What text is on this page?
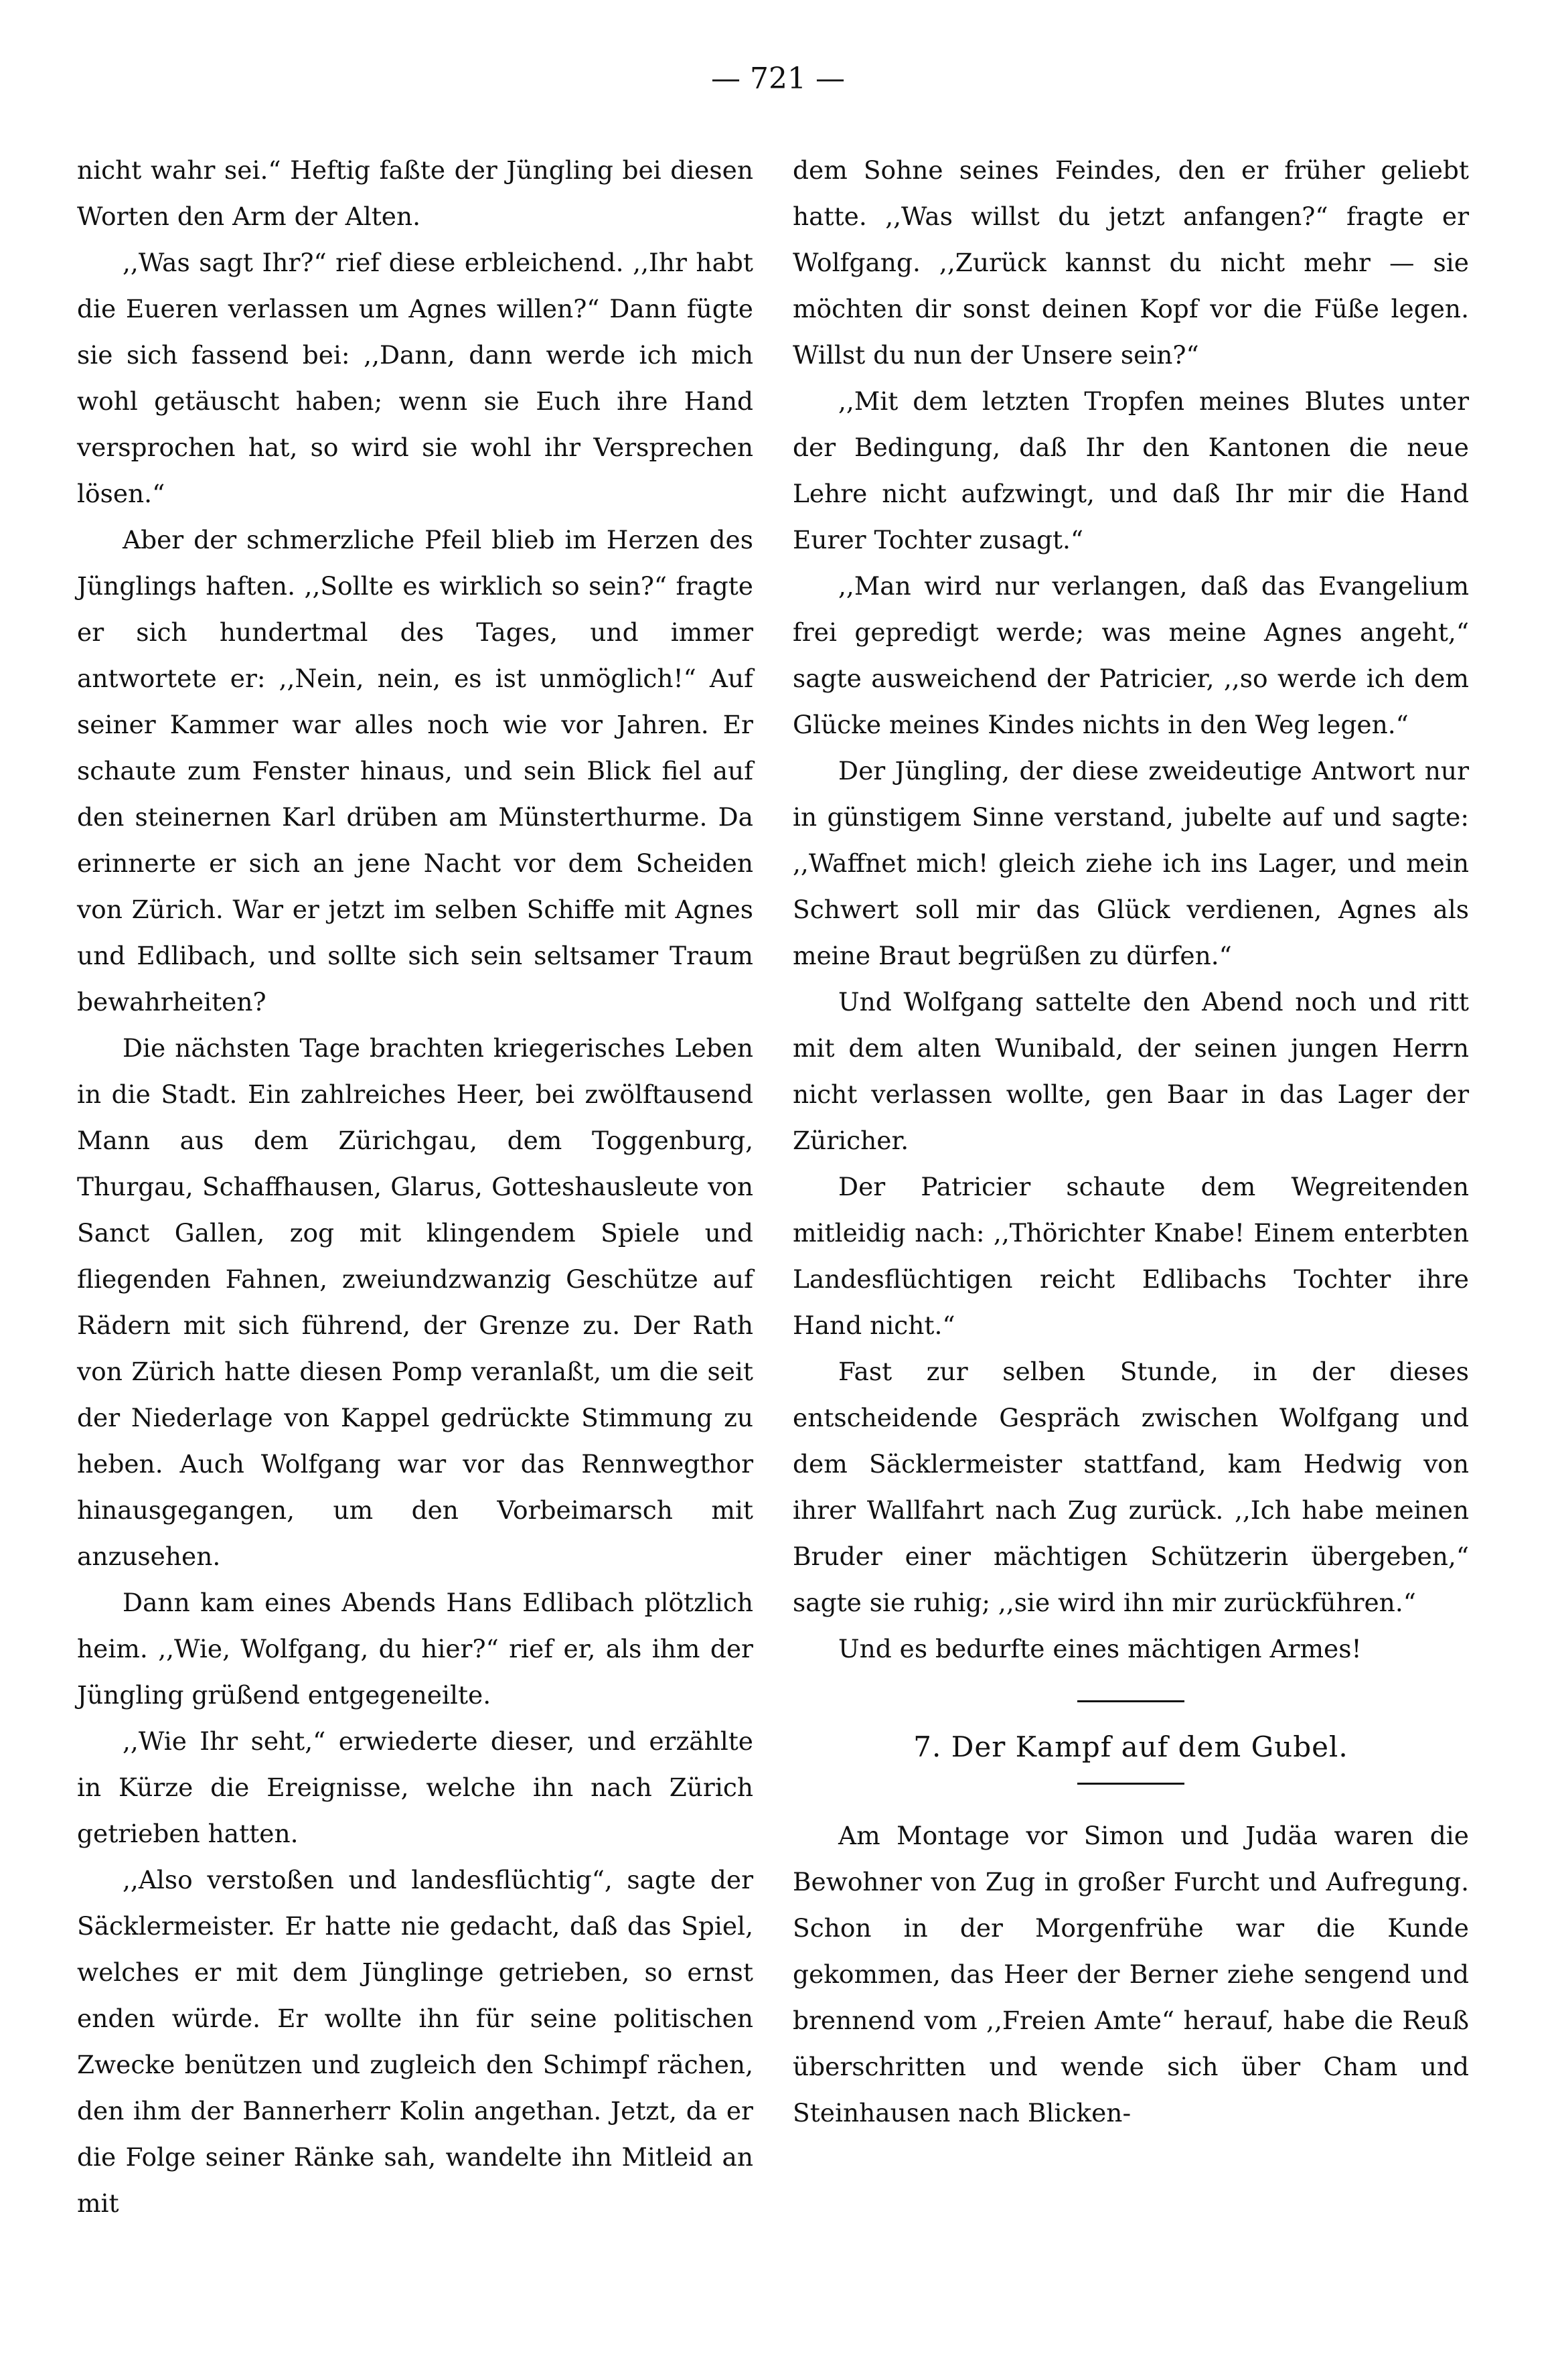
— 721 —

nicht wahr sei.“ Heftig faßte der Jüngling bei diesen Worten den Arm der Alten.

,,Was sagt Ihr?“ rief diese erbleichend. ,,Ihr habt die Eueren verlassen um Agnes willen?“ Dann fügte sie sich fassend bei: ,,Dann, dann werde ich mich wohl getäuscht haben; wenn sie Euch ihre Hand versprochen hat, so wird sie wohl ihr Versprechen lösen.“

Aber der schmerzliche Pfeil blieb im Herzen des Jünglings haften. ,,Sollte es wirklich so sein?“ fragte er sich hundertmal des Tages, und immer antwortete er: ,,Nein, nein, es ist unmöglich!“ Auf seiner Kammer war alles noch wie vor Jahren. Er schaute zum Fenster hinaus, und sein Blick fiel auf den steinernen Karl drüben am Münsterthurme. Da erinnerte er sich an jene Nacht vor dem Scheiden von Zürich. War er jetzt im selben Schiffe mit Agnes und Edlibach, und sollte sich sein seltsamer Traum bewahrheiten?

Die nächsten Tage brachten kriegerisches Leben in die Stadt. Ein zahlreiches Heer, bei zwölftausend Mann aus dem Zürichgau, dem Toggenburg, Thurgau, Schaffhausen, Glarus, Gotteshausleute von Sanct Gallen, zog mit klingendem Spiele und fliegenden Fahnen, zweiundzwanzig Geschütze auf Rädern mit sich führend, der Grenze zu. Der Rath von Zürich hatte diesen Pomp veranlaßt, um die seit der Niederlage von Kappel gedrückte Stimmung zu heben. Auch Wolfgang war vor das Rennwegthor hinausgegangen, um den Vorbeimarsch mit anzusehen.

Dann kam eines Abends Hans Edlibach plötzlich heim. ,,Wie, Wolfgang, du hier?“ rief er, als ihm der Jüngling grüßend entgegeneilte.

,,Wie Ihr seht,“ erwiederte dieser, und erzählte in Kürze die Ereignisse, welche ihn nach Zürich getrieben hatten.

,,Also verstoßen und landesflüchtig“, sagte der Säcklermeister. Er hatte nie gedacht, daß das Spiel, welches er mit dem Jünglinge getrieben, so ernst enden würde. Er wollte ihn für seine politischen Zwecke benützen und zugleich den Schimpf rächen, den ihm der Bannerherr Kolin angethan. Jetzt, da er die Folge seiner Ränke sah, wandelte ihn Mitleid an mit

dem Sohne seines Feindes, den er früher geliebt hatte. ,,Was willst du jetzt anfangen?“ fragte er Wolfgang. ,,Zurück kannst du nicht mehr — sie möchten dir sonst deinen Kopf vor die Füße legen. Willst du nun der Unsere sein?“

,,Mit dem letzten Tropfen meines Blutes unter der Bedingung, daß Ihr den Kantonen die neue Lehre nicht aufzwingt, und daß Ihr mir die Hand Eurer Tochter zusagt.“

,,Man wird nur verlangen, daß das Evangelium frei gepredigt werde; was meine Agnes angeht,“ sagte ausweichend der Patricier, ,,so werde ich dem Glücke meines Kindes nichts in den Weg legen.“

Der Jüngling, der diese zweideutige Antwort nur in günstigem Sinne verstand, jubelte auf und sagte: ,,Waffnet mich! gleich ziehe ich ins Lager, und mein Schwert soll mir das Glück verdienen, Agnes als meine Braut begrüßen zu dürfen.“

Und Wolfgang sattelte den Abend noch und ritt mit dem alten Wunibald, der seinen jungen Herrn nicht verlassen wollte, gen Baar in das Lager der Züricher.

Der Patricier schaute dem Wegreitenden mitleidig nach: ,,Thörichter Knabe! Einem enterbten Landesflüchtigen reicht Edlibachs Tochter ihre Hand nicht.“

Fast zur selben Stunde, in der dieses entscheidende Gespräch zwischen Wolfgang und dem Säcklermeister stattfand, kam Hedwig von ihrer Wallfahrt nach Zug zurück. ,,Ich habe meinen Bruder einer mächtigen Schützerin übergeben,“ sagte sie ruhig; ,,sie wird ihn mir zurückführen.“

Und es bedurfte eines mächtigen Armes!

7. Der Kampf auf dem Gubel.

Am Montage vor Simon und Judäa waren die Bewohner von Zug in großer Furcht und Aufregung. Schon in der Morgenfrühe war die Kunde gekommen, das Heer der Berner ziehe sengend und brennend vom ,,Freien Amte“ herauf, habe die Reuß überschritten und wende sich über Cham und Steinhausen nach Blicken-
